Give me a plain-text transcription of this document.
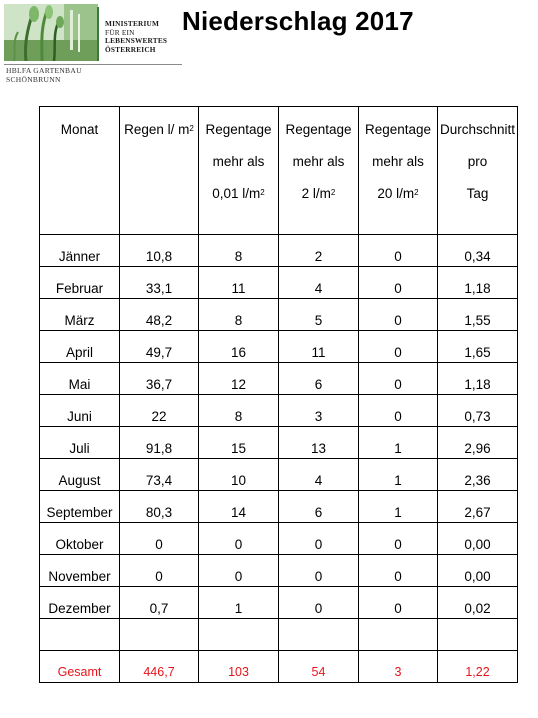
MINISTERIUM
FÜR EIN
LEBENSWERTES
ÖSTERREICH
HBLFA GARTENBAU
SCHÖNBRUNN
Niederschlag 2017
Monat	Regen l/ $m^2$	Regentage	Regentage	Regentage	Durchschnitt
		mehr als	mehr als	mehr als	pro
		0,01 $l/m^2$	2 $l/m^2$	20 $l/m^2$	Tag

Jänner	10,8	8	2	0	0,34
Februar	33,1	11	4	0	1,18
März	48,2	8	5	0	1,55
April	49,7	16	11	0	1,65
Mai	36,7	12	6	0	1,18
Juni	22	8	3	0	0,73
Juli	91,8	15	13	1	2,96
August	73,4	10	4	1	2,36
September	80,3	14	6	1	2,67
Oktober	0	0	0	0	0,00
November	0	0	0	0	0,00
Dezember	0,7	1	0	0	0,02

Gesamt	446,7	103	54	3	1,22
